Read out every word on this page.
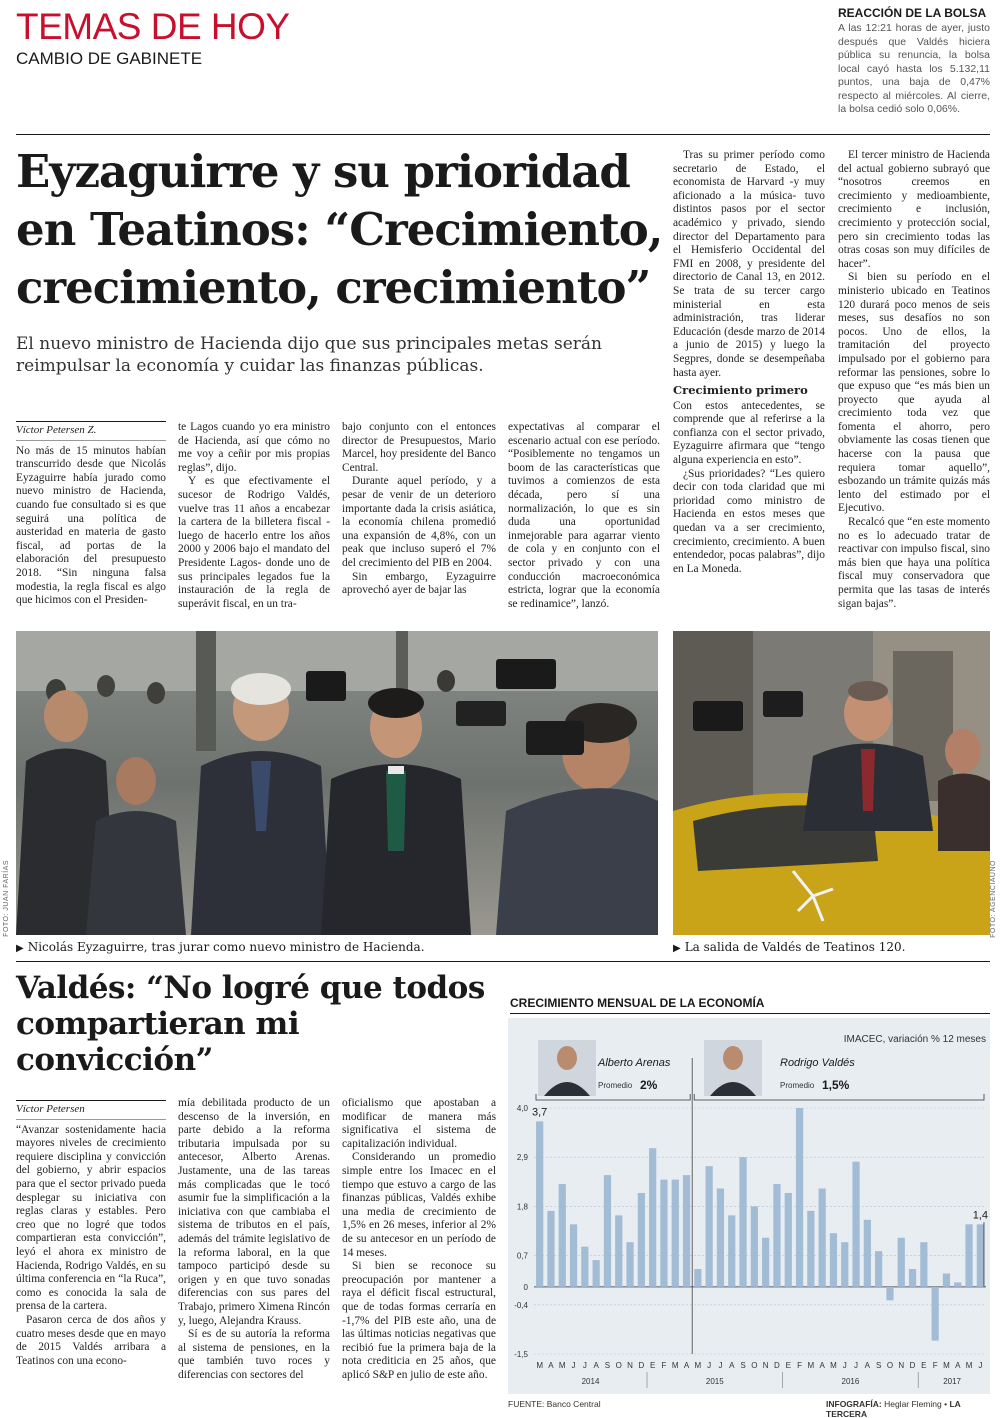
TEMAS DE HOY
CAMBIO DE GABINETE
REACCIÓN DE LA BOLSA
A las 12:21 horas de ayer, justo después que Valdés hiciera pública su renuncia, la bolsa local cayó hasta los 5.132,11 puntos, una baja de 0,47% respecto al miércoles. Al cierre, la bolsa cedió solo 0,06%.
Eyzaguirre y su prioridad en Teatinos: “Crecimiento, crecimiento, crecimiento”
El nuevo ministro de Hacienda dijo que sus principales metas serán reimpulsar la economía y cuidar las finanzas públicas.
Víctor Petersen Z.

No más de 15 minutos habían transcurrido desde que Nicolás Eyzaguirre había jurado como nuevo ministro de Hacienda, cuando fue consultado si es que seguirá una política de austeridad en materia de gasto fiscal, ad portas de la elaboración del presupuesto 2018. “Sin ninguna falsa modestia, la regla fiscal es algo que hicimos con el Presiden-

te Lagos cuando yo era ministro de Hacienda, así que cómo no me voy a ceñir por mis propias reglas”, dijo.

Y es que efectivamente el sucesor de Rodrigo Valdés, vuelve tras 11 años a encabezar la cartera de la billetera fiscal -luego de hacerlo entre los años 2000 y 2006 bajo el mandato del Presidente Lagos- donde uno de sus principales legados fue la instauración de la regla de superávit fiscal, en un tra-

bajo conjunto con el entonces director de Presupuestos, Mario Marcel, hoy presidente del Banco Central.

Durante aquel período, y a pesar de venir de un deterioro importante dada la crisis asiática, la economía chilena promedió una expansión de 4,8%, con un peak que incluso superó el 7% del crecimiento del PIB en 2004.

Sin embargo, Eyzaguirre aprovechó ayer de bajar las

expectativas al comparar el escenario actual con ese período. “Posiblemente no tengamos un boom de las características que tuvimos a comienzos de esta década, pero sí una normalización, lo que es sin duda una oportunidad inmejorable para agarrar viento de cola y en conjunto con el sector privado y con una conducción macroeconómica estricta, lograr que la economía se redinamice”, lanzó.

Tras su primer período como secretario de Estado, el economista de Harvard -y muy aficionado a la música- tuvo distintos pasos por el sector académico y privado, siendo director del Departamento para el Hemisferio Occidental del FMI en 2008, y presidente del directorio de Canal 13, en 2012. Se trata de su tercer cargo ministerial en esta administración, tras liderar Educación (desde marzo de 2014 a junio de 2015) y luego la Segpres, donde se desempeñaba hasta ayer.

Crecimiento primero

Con estos antecedentes, se comprende que al referirse a la confianza con el sector privado, Eyzaguirre afirmara que “tengo alguna experiencia en esto”.

¿Sus prioridades? “Les quiero decir con toda claridad que mi prioridad como ministro de Hacienda en estos meses que quedan va a ser crecimiento, crecimiento, crecimiento. A buen entendedor, pocas palabras”, dijo en La Moneda.

El tercer ministro de Hacienda del actual gobierno subrayó que “nosotros creemos en crecimiento y medioambiente, crecimiento e inclusión, crecimiento y protección social, pero sin crecimiento todas las otras cosas son muy difíciles de hacer”.

Si bien su período en el ministerio ubicado en Teatinos 120 durará poco menos de seis meses, sus desafíos no son pocos. Uno de ellos, la tramitación del proyecto impulsado por el gobierno para reformar las pensiones, sobre lo que expuso que “es más bien un proyecto que ayuda al crecimiento toda vez que fomenta el ahorro, pero obviamente las cosas tienen que hacerse con la pausa que requiera tomar aquello”, esbozando un trámite quizás más lento del estimado por el Ejecutivo.

Recalcó que “en este momento no es lo adecuado tratar de reactivar con impulso fiscal, sino más bien que haya una política fiscal muy conservadora que permita que las tasas de interés sigan bajas”.

FOTO: JUAN FARÍAS
▶ Nicolás Eyzaguirre, tras jurar como nuevo ministro de Hacienda.
FOTO: AGENCIAUNO
▶ La salida de Valdés de Teatinos 120.
Valdés: “No logré que todos compartieran mi convicción”
Víctor Petersen

“Avanzar sostenidamente hacia mayores niveles de crecimiento requiere disciplina y convicción del gobierno, y abrir espacios para que el sector privado pueda desplegar su iniciativa con reglas claras y estables. Pero creo que no logré que todos compartieran esta convicción”, leyó el ahora ex ministro de Hacienda, Rodrigo Valdés, en su última conferencia en “la Ruca”, como es conocida la sala de prensa de la cartera.

Pasaron cerca de dos años y cuatro meses desde que en mayo de 2015 Valdés arribara a Teatinos con una econo-

mía debilitada producto de un descenso de la inversión, en parte debido a la reforma tributaria impulsada por su antecesor, Alberto Arenas. Justamente, una de las tareas más complicadas que le tocó asumir fue la simplificación a la iniciativa con que cambiaba el sistema de tributos en el país, además del trámite legislativo de la reforma laboral, en la que tampoco participó desde su origen y en que tuvo sonadas diferencias con sus pares del Trabajo, primero Ximena Rincón y, luego, Alejandra Krauss.

Sí es de su autoría la reforma al sistema de pensiones, en la que también tuvo roces y diferencias con sectores del

oficialismo que apostaban a modificar de manera más significativa el sistema de capitalización individual.

Considerando un promedio simple entre los Imacec en el tiempo que estuvo a cargo de las finanzas públicas, Valdés exhibe una media de crecimiento de 1,5% en 26 meses, inferior al 2% de su antecesor en un período de 14 meses.

Si bien se reconoce su preocupación por mantener a raya el déficit fiscal estructural, que de todas formas cerraría en -1,7% del PIB este año, una de las últimas noticias negativas que recibió fue la primera baja de la nota crediticia en 25 años, que aplicó S&P en julio de este año.

CRECIMIENTO MENSUAL DE LA ECONOMÍA
IMACEC, variación % 12 meses
4,0
2,9
1,8
0,7
0
-0,4
-1,5
3,7
1,4
Alberto Arenas
Promedio 2%
Rodrigo Valdés
Promedio 1,5%
M A M J J A S O N D E F M A M J J A S O N D E F M A M J J A S O N D E F M A M J
2014	2015	2016	2017
FUENTE: Banco Central	INFOGRAFÍA: Heglar Fleming • LA TERCERA
